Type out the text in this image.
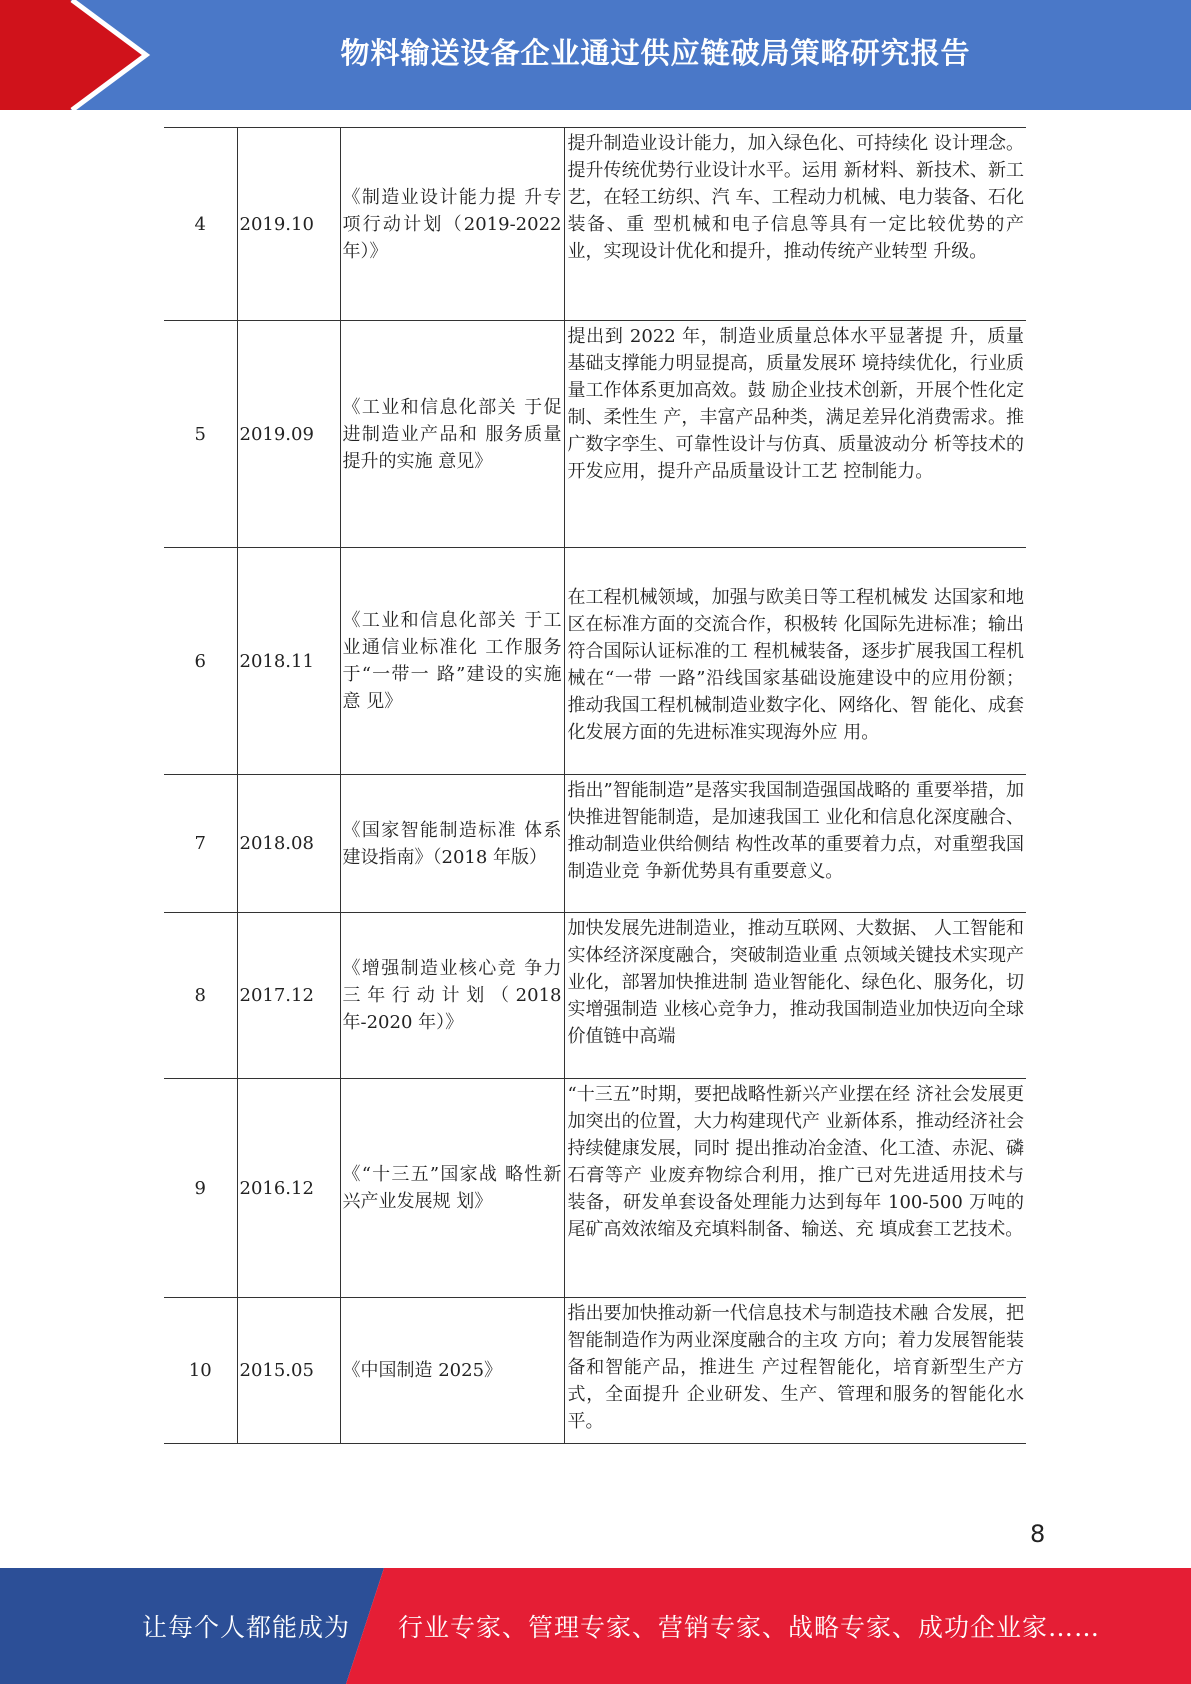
物料输送设备企业通过供应链破局策略研究报告
4	2019.10	《制造业设计能力提 升专项行动计划（2019-2022 年）》	提升制造业设计能力，加入绿色化、可持续化 设计理念。提升传统优势行业设计水平。运用 新材料、新技术、新工艺，在轻工纺织、汽 车、工程动力机械、电力装备、石化装备、重 型机械和电子信息等具有一定比较优势的产 业，实现设计优化和提升，推动传统产业转型 升级。
5	2019.09	《工业和信息化部关 于促进制造业产品和 服务质量提升的实施 意见》	提出到 2022 年，制造业质量总体水平显著提 升，质量基础支撑能力明显提高，质量发展环 境持续优化，行业质量工作体系更加高效。鼓 励企业技术创新，开展个性化定制、柔性生 产，丰富产品种类，满足差异化消费需求。推 广数字孪生、可靠性设计与仿真、质量波动分 析等技术的开发应用，提升产品质量设计工艺 控制能力。
6	2018.11	《工业和信息化部关 于工业通信业标准化 工作服务于“一带一 路”建设的实施意 见》	在工程机械领域，加强与欧美日等工程机械发 达国家和地区在标准方面的交流合作，积极转 化国际先进标准；输出符合国际认证标准的工 程机械装备，逐步扩展我国工程机械在“一带 一路”沿线国家基础设施建设中的应用份额； 推动我国工程机械制造业数字化、网络化、智 能化、成套化发展方面的先进标准实现海外应 用。
7	2018.08	《国家智能制造标准 体系建设指南》（2018 年版）	指出”智能制造”是落实我国制造强国战略的 重要举措，加快推进智能制造，是加速我国工 业化和信息化深度融合、推动制造业供给侧结 构性改革的重要着力点，对重塑我国制造业竞 争新优势具有重要意义。
8	2017.12	《增强制造业核心竞 争力三年行动计划（2018 年-2020 年）》	加快发展先进制造业，推动互联网、大数据、 人工智能和实体经济深度融合，突破制造业重 点领域关键技术实现产业化，部署加快推进制 造业智能化、绿色化、服务化，切实增强制造 业核心竞争力，推动我国制造业加快迈向全球 价值链中高端
9	2016.12	《“十三五”国家战 略性新兴产业发展规 划》	“十三五”时期，要把战略性新兴产业摆在经 济社会发展更加突出的位置，大力构建现代产 业新体系，推动经济社会持续健康发展，同时 提出推动冶金渣、化工渣、赤泥、磷石膏等产 业废弃物综合利用，推广已对先进适用技术与 装备，研发单套设备处理能力达到每年 100-500 万吨的尾矿高效浓缩及充填料制备、输送、充 填成套工艺技术。
10	2015.05	《中国制造 2025》	指出要加快推动新一代信息技术与制造技术融 合发展，把智能制造作为两业深度融合的主攻 方向；着力发展智能装备和智能产品，推进生 产过程智能化，培育新型生产方式，全面提升 企业研发、生产、管理和服务的智能化水平。
8
让每个人都能成为 行业专家、管理专家、营销专家、战略专家、成功企业家……
